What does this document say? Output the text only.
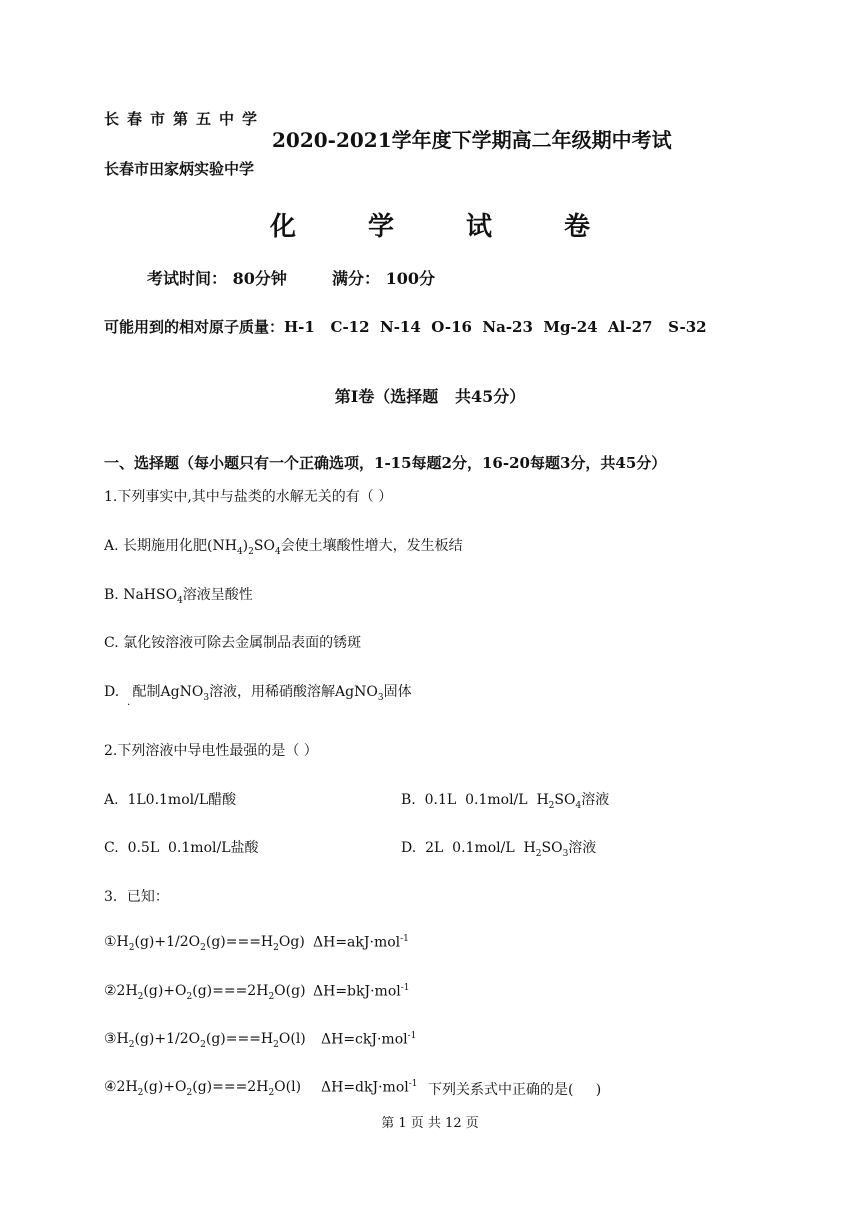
长春市第五中学
长春市田家炳实验中学
2020-2021学年度下学期高二年级期中考试
化	学	试	卷
考试时间： 80分钟	满分： 100分
可能用到的相对原子质量：H-1   C-12  N-14  O-16  Na-23  Mg-24  Al-27   S-32
第Ⅰ卷（选择题   共45分）
一、选择题（每小题只有一个正确选项，1-15每题2分，16-20每题3分，共45分）
1.下列事实中,其中与盐类的水解无关的有（ ）
A. 长期施用化肥$(NH_4)_2SO_4$会使土壤酸性增大，发生板结
B. NaHSO$_4$溶液呈酸性
C. 氯化铵溶液可除去金属制品表面的锈斑
D.   配制AgNO$_3$溶液，用稀硝酸溶解AgNO$_3$固体
·
2.下列溶液中导电性最强的是（ ）
A.  1L0.1mol/L醋酸	B.  0.1L  0.1mol/L  $H_2SO_4$溶液
C.  0.5L  0.1mol/L盐酸	D.  2L  0.1mol/L  $H_2SO_3$溶液
3．已知：
$①H_2(g)+1/2O_2(g)===H_2Og$) ΔH=akJ·mol$^{-1}$
$②2H_2(g)+O_2(g)===2H_2O(g)$ ΔH=bkJ·mol$^{-1}$
$③H_2(g)+1/2O_2(g)===H_2O(l)$ ΔH=ckJ·mol$^{-1}$
$④2H_2(g)+O_2(g)===2H_2O(l)$ ΔH=dkJ·mol$^{-1}$ 下列关系式中正确的是(     )
第 1 页 共 12 页
